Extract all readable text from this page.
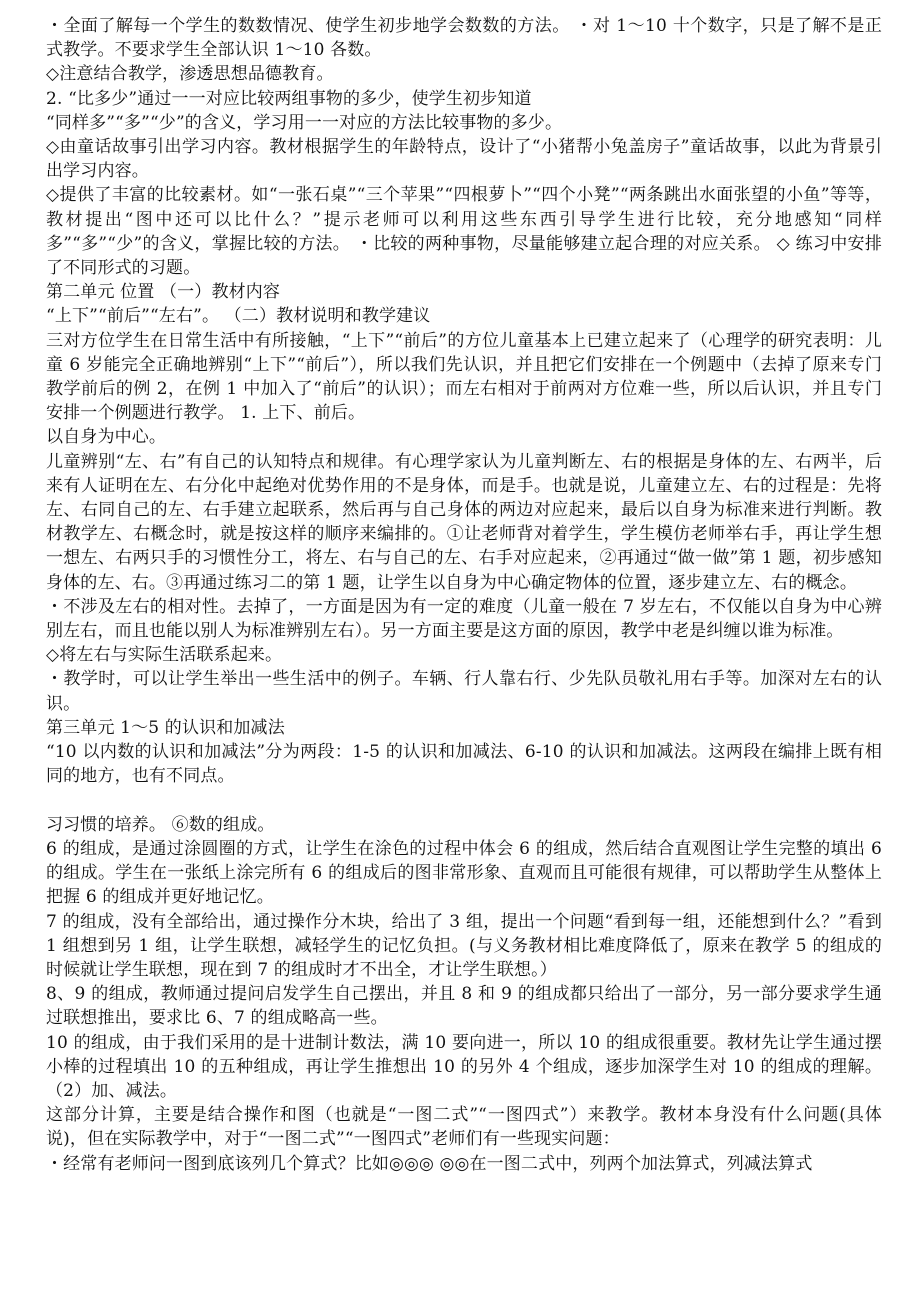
・全面了解每一个学生的数数情况、使学生初步地学会数数的方法。 ・对 1～10 十个数字，只是了解不是正式教学。不要求学生全部认识 1～10 各数。

◇注意结合教学，渗透思想品德教育。

2. “比多少”通过一一对应比较两组事物的多少，使学生初步知道

“同样多”“多”“少”的含义，学习用一一对应的方法比较事物的多少。

◇由童话故事引出学习内容。教材根据学生的年龄特点，设计了“小猪帮小兔盖房子”童话故事，以此为背景引出学习内容。

◇提供了丰富的比较素材。如“一张石桌”“三个苹果”“四根萝卜”“四个小凳”“两条跳出水面张望的小鱼”等等，教材提出“图中还可以比什么？”提示老师可以利用这些东西引导学生进行比较，充分地感知“同样多”“多”“少”的含义，掌握比较的方法。 ・比较的两种事物，尽量能够建立起合理的对应关系。 ◇ 练习中安排了不同形式的习题。

第二单元 位置 （一）教材内容

“上下”“前后”“左右”。 （二）教材说明和教学建议

三对方位学生在日常生活中有所接触，“上下”“前后”的方位儿童基本上已建立起来了（心理学的研究表明：儿童 6 岁能完全正确地辨别“上下”“前后”），所以我们先认识，并且把它们安排在一个例题中（去掉了原来专门教学前后的例 2，在例 1 中加入了“前后”的认识）；而左右相对于前两对方位难一些，所以后认识，并且专门安排一个例题进行教学。 1. 上下、前后。

以自身为中心。

儿童辨别“左、右”有自己的认知特点和规律。有心理学家认为儿童判断左、右的根据是身体的左、右两半，后来有人证明在左、右分化中起绝对优势作用的不是身体，而是手。也就是说，儿童建立左、右的过程是：先将左、右同自己的左、右手建立起联系，然后再与自己身体的两边对应起来，最后以自身为标准来进行判断。教材教学左、右概念时，就是按这样的顺序来编排的。①让老师背对着学生，学生模仿老师举右手，再让学生想一想左、右两只手的习惯性分工，将左、右与自己的左、右手对应起来，②再通过“做一做”第 1 题，初步感知身体的左、右。③再通过练习二的第 1 题，让学生以自身为中心确定物体的位置，逐步建立左、右的概念。

・不涉及左右的相对性。去掉了，一方面是因为有一定的难度（儿童一般在 7 岁左右，不仅能以自身为中心辨别左右，而且也能以别人为标准辨别左右）。另一方面主要是这方面的原因，教学中老是纠缠以谁为标准。

◇将左右与实际生活联系起来。

・教学时，可以让学生举出一些生活中的例子。车辆、行人靠右行、少先队员敬礼用右手等。加深对左右的认识。

第三单元 1～5 的认识和加减法

“10 以内数的认识和加减法”分为两段：1-5 的认识和加减法、6-10 的认识和加减法。这两段在编排上既有相同的地方，也有不同点。

习习惯的培养。 ⑥数的组成。

6 的组成，是通过涂圆圈的方式，让学生在涂色的过程中体会 6 的组成，然后结合直观图让学生完整的填出 6 的组成。学生在一张纸上涂完所有 6 的组成后的图非常形象、直观而且可能很有规律，可以帮助学生从整体上把握 6 的组成并更好地记忆。

7 的组成，没有全部给出，通过操作分木块，给出了 3 组，提出一个问题“看到每一组，还能想到什么？”看到 1 组想到另 1 组，让学生联想，减轻学生的记忆负担。(与义务教材相比难度降低了，原来在教学 5 的组成的时候就让学生联想，现在到 7 的组成时才不出全，才让学生联想。）

8、9 的组成，教师通过提问启发学生自己摆出，并且 8 和 9 的组成都只给出了一部分，另一部分要求学生通过联想推出，要求比 6、7 的组成略高一些。

10 的组成，由于我们采用的是十进制计数法，满 10 要向进一，所以 10 的组成很重要。教材先让学生通过摆小棒的过程填出 10 的五种组成，再让学生推想出 10 的另外 4 个组成，逐步加深学生对 10 的组成的理解。 （2）加、减法。

这部分计算，主要是结合操作和图（也就是“一图二式”“一图四式”）来教学。教材本身没有什么问题(具体说)，但在实际教学中，对于“一图二式”“一图四式”老师们有一些现实问题：

・经常有老师问一图到底该列几个算式？比如◎◎◎ ◎◎在一图二式中，列两个加法算式，列减法算式
